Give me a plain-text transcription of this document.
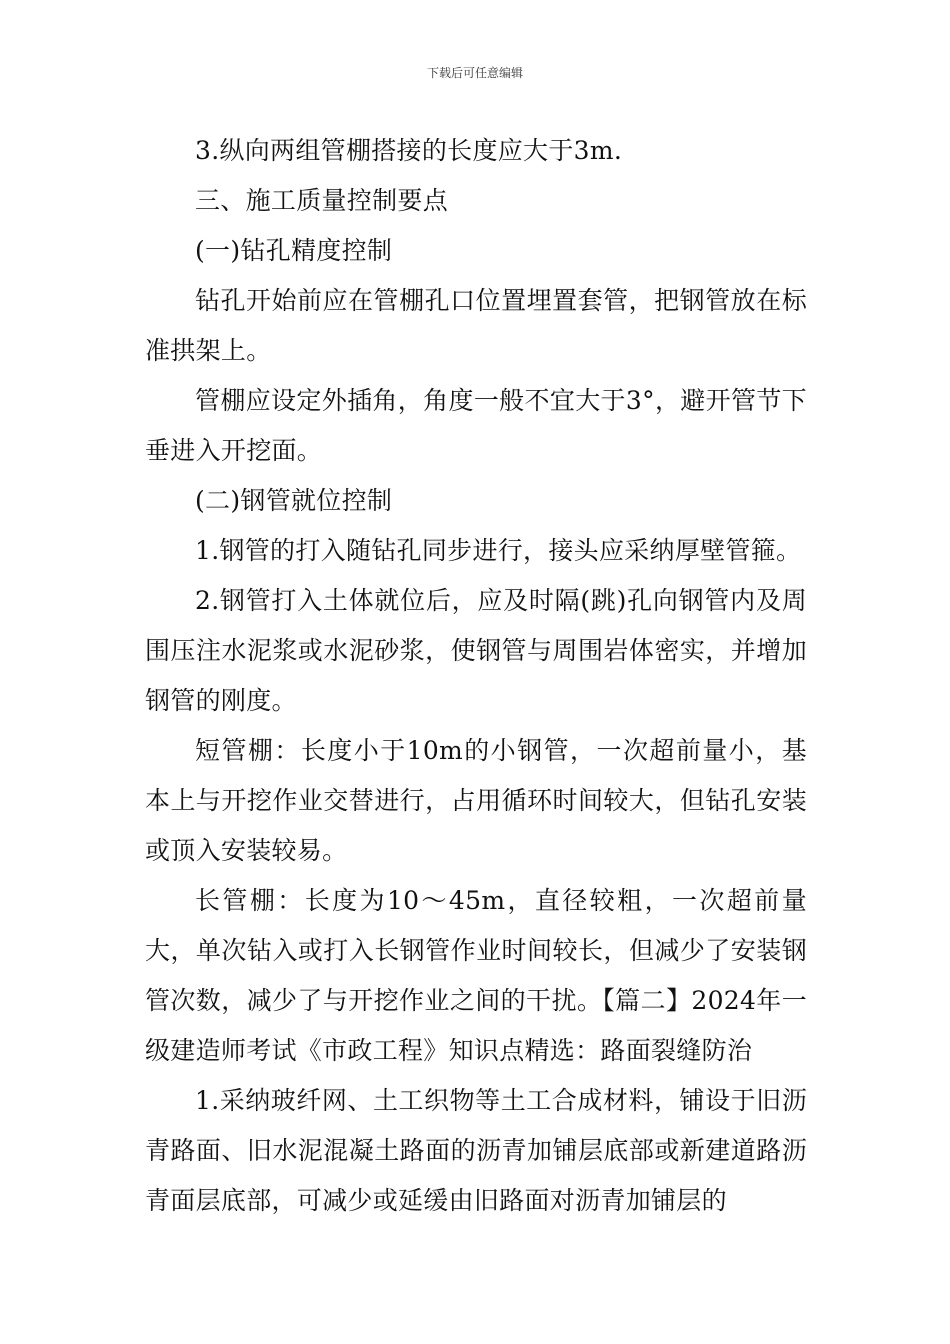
下载后可任意编辑

3.纵向两组管棚搭接的长度应大于3m.

三、施工质量控制要点

(一)钻孔精度控制

钻孔开始前应在管棚孔口位置埋置套管，把钢管放在标准拱架上。

管棚应设定外插角，角度一般不宜大于3°，避开管节下垂进入开挖面。

(二)钢管就位控制

1.钢管的打入随钻孔同步进行，接头应采纳厚壁管箍。

2.钢管打入土体就位后，应及时隔(跳)孔向钢管内及周围压注水泥浆或水泥砂浆，使钢管与周围岩体密实，并增加钢管的刚度。

短管棚：长度小于10m的小钢管，一次超前量小，基本上与开挖作业交替进行，占用循环时间较大，但钻孔安装或顶入安装较易。

长管棚：长度为10～45m，直径较粗，一次超前量大，单次钻入或打入长钢管作业时间较长，但减少了安装钢管次数，减少了与开挖作业之间的干扰。【篇二】2024年一级建造师考试《市政工程》知识点精选：路面裂缝防治

1.采纳玻纤网、土工织物等土工合成材料，铺设于旧沥青路面、旧水泥混凝土路面的沥青加铺层底部或新建道路沥青面层底部，可减少或延缓由旧路面对沥青加铺层的
